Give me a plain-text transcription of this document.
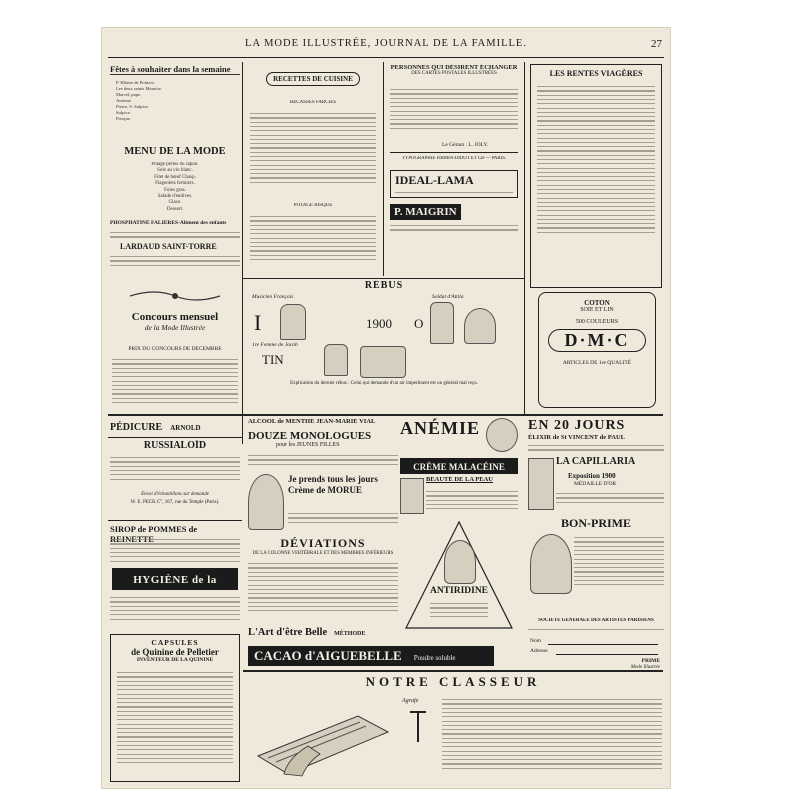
LA MODE ILLUSTRÉE, JOURNAL DE LA FAMILLE.	27
Fêtes à souhaiter dans la semaine
P. Hilaire de Poitiers.
Les deux saints Maurice.
Marcel, pape.
Antoine.
Pierre, S. Sulpice.
Sulpice.
Prisque.
MENU DE LA MODE
Potage perles du Japon.
Sole au vin blanc.
Filet de bœuf Chasp.
Flageolets fermiers.
Foies gras.
Salade d'endives.
Glace.
Dessert.
PHOSPHATINE FALIÈRES-Aliment des enfants
LARDAUD SAINT-TORRE
Concours mensuel
de la Mode Illustrée
PRIX DU CONCOURS DE DÉCEMBRE
PÉDICURE ARNOLD
RUSSIALOÏD
Envoi d'échantillons sur demande
W. E. PECK C°, 167, rue du Temple (Paris).
SIROP de POMMES de
HYGIÈNE de la
CAPSULES
de Quinine de Pelletier
INVENTEUR DE LA QUININE
RECETTES DE CUISINE
BÉCASSES FARCIES
POTAGE BISQUE
PERSONNES QUI DÉSIRENT ÉCHANGER
DES CARTES POSTALES ILLUSTRÉES
Le Gérant : L. JOLY.
TYPOGRAPHIE FIRMIN-DIDOT ET Cie — PARIS.
IDEAL-LAMA
P. MAIGRIN
LES RENTES VIAGÈRES
COTON
SOIE ET LIN
500 COULEURS
D·M·C
ARTICLES DE 1re QUALITÉ
RÉBUS
Musicien Français	Soldat d'Attila
I	1900	O
1re Femme de Jacob
TIN
Explication du dernier rébus : Celui qui demande d'un air impertinent est un général mal reçu.
ALCOOL de MENTHE JEAN-MARIE VIAL
DOUZE MONOLOGUES
pour les JEUNES FILLES
Je prends tous les jours Crème de MORUE
DÉVIATIONS
DE LA COLONNE VERTÉBRALE ET DES MEMBRES INFÉRIEURS
ANÉMIE
CRÈME MALACÉINE
BEAUTÉ DE LA PEAU
ANTIRIDINE
EN 20 JOURS
ÉLIXIR de St VINCENT de PAUL
LA CAPILLARIA
Exposition 1900
MÉDAILLE D'OR
BON-PRIME
SOCIÉTÉ GÉNÉRALE DES ARTISTES PARISIENS
Nom
Adresse
PRIME
Mode Illustrée
L'Art d'être Belle MÉTHODE
CACAO d'AIGUEBELLE Poudre soluble
NOTRE CLASSEUR
Agrafe
